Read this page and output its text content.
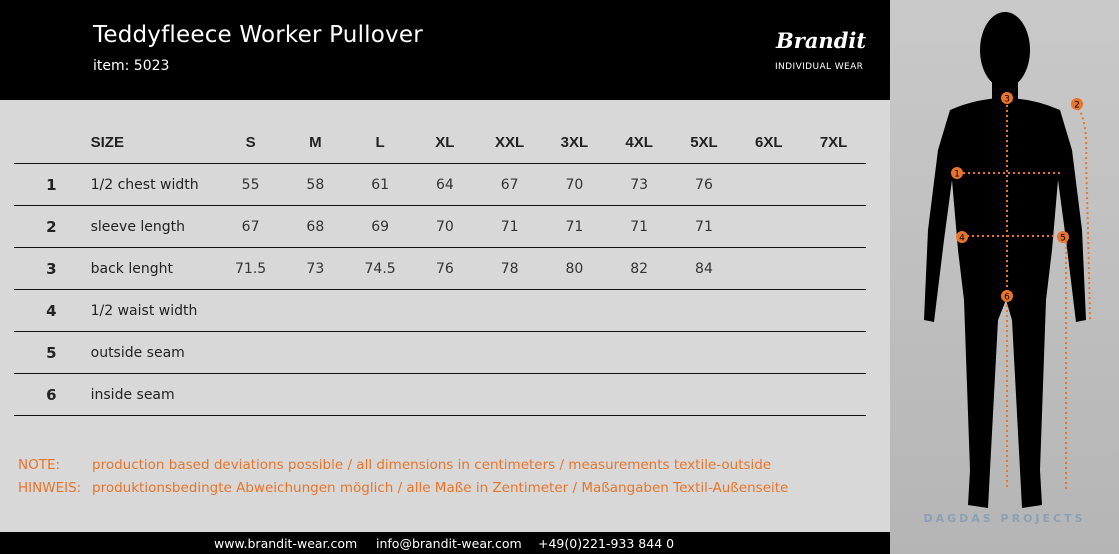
Teddyfleece Worker Pullover
item: 5023
Brandit
INDIVIDUAL WEAR
	SIZE	S	M	L	XL	XXL	3XL	4XL	5XL	6XL	7XL
1	1/2 chest width	55	58	61	64	67	70	73	76		
2	sleeve length	67	68	69	70	71	71	71	71		
3	back lenght	71.5	73	74.5	76	78	80	82	84		
4	1/2 waist width										
5	outside seam										
6	inside seam										
NOTE: production based deviations possible / all dimensions in centimeters / measurements textile-outside
HINWEIS: produktionsbedingte Abweichungen möglich / alle Maße in Zentimeter / Maßangaben Textil-Außenseite
www.brandit-wear.com info@brandit-wear.com +49(0)221-933 844 0
1
2
3
4	5
6
DAGDAS PROJECTS
